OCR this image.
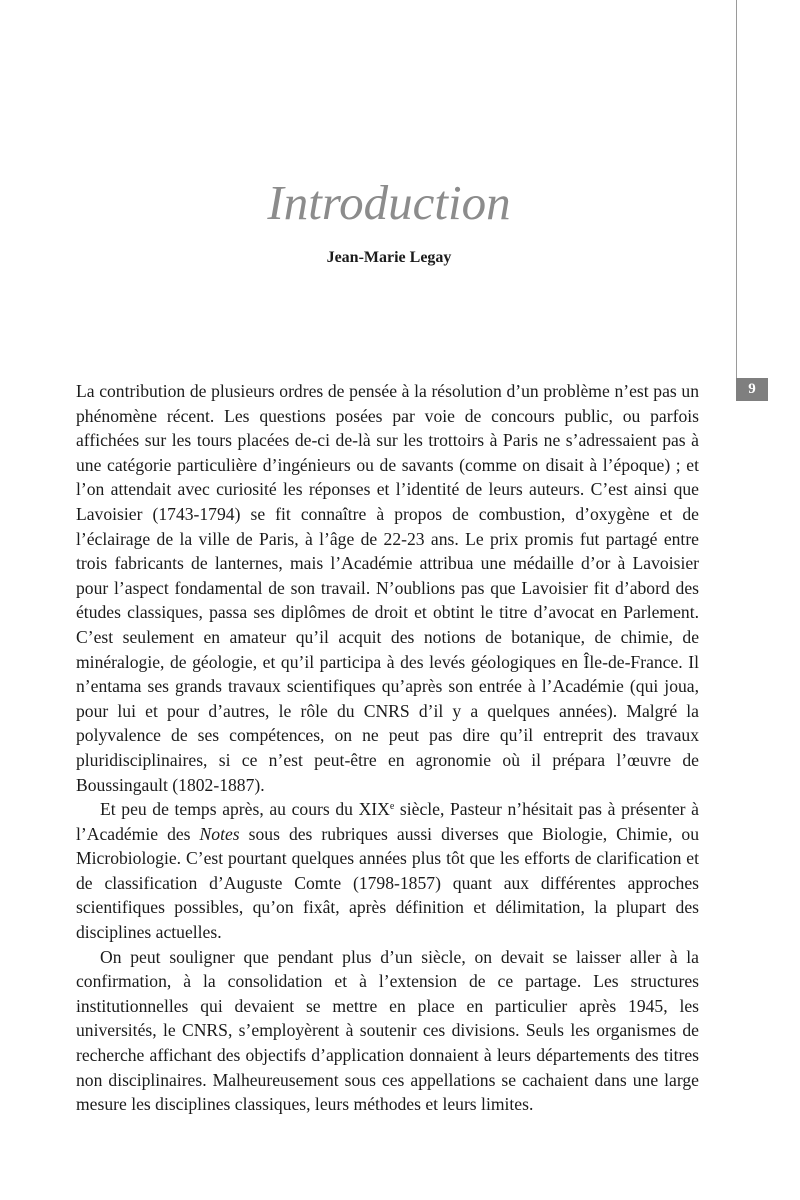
9
Introduction
Jean-Marie Legay

La contribution de plusieurs ordres de pensée à la résolution d’un problème n’est pas un phénomène récent. Les questions posées par voie de concours public, ou parfois affichées sur les tours placées de-ci de-là sur les trottoirs à Paris ne s’adressaient pas à une catégorie particulière d’ingénieurs ou de savants (comme on disait à l’époque) ; et l’on attendait avec curiosité les réponses et l’identité de leurs auteurs. C’est ainsi que Lavoisier (1743-1794) se fit connaître à propos de combustion, d’oxygène et de l’éclairage de la ville de Paris, à l’âge de 22-23 ans. Le prix promis fut partagé entre trois fabricants de lanternes, mais l’Académie attribua une médaille d’or à Lavoisier pour l’aspect fondamental de son travail. N’oublions pas que Lavoisier fit d’abord des études classiques, passa ses diplômes de droit et obtint le titre d’avocat en Parlement. C’est seulement en amateur qu’il acquit des notions de botanique, de chimie, de minéralogie, de géologie, et qu’il participa à des levés géologiques en Île-de-France. Il n’entama ses grands travaux scientifiques qu’après son entrée à l’Académie (qui joua, pour lui et pour d’autres, le rôle du CNRS d’il y a quelques années). Malgré la polyvalence de ses compétences, on ne peut pas dire qu’il entreprit des travaux pluridisciplinaires, si ce n’est peut-être en agronomie où il prépara l’œuvre de Boussingault (1802-1887).

Et peu de temps après, au cours du XIXe siècle, Pasteur n’hésitait pas à présenter à l’Académie des Notes sous des rubriques aussi diverses que Biologie, Chimie, ou Microbiologie. C’est pourtant quelques années plus tôt que les efforts de clarification et de classification d’Auguste Comte (1798-1857) quant aux différentes approches scientifiques possibles, qu’on fixât, après définition et délimitation, la plupart des disciplines actuelles.

On peut souligner que pendant plus d’un siècle, on devait se laisser aller à la confirmation, à la consolidation et à l’extension de ce partage. Les structures institutionnelles qui devaient se mettre en place en particulier après 1945, les universités, le CNRS, s’employèrent à soutenir ces divisions. Seuls les organismes de recherche affichant des objectifs d’application donnaient à leurs départements des titres non disciplinaires. Malheureusement sous ces appellations se cachaient dans une large mesure les disciplines classiques, leurs méthodes et leurs limites.
